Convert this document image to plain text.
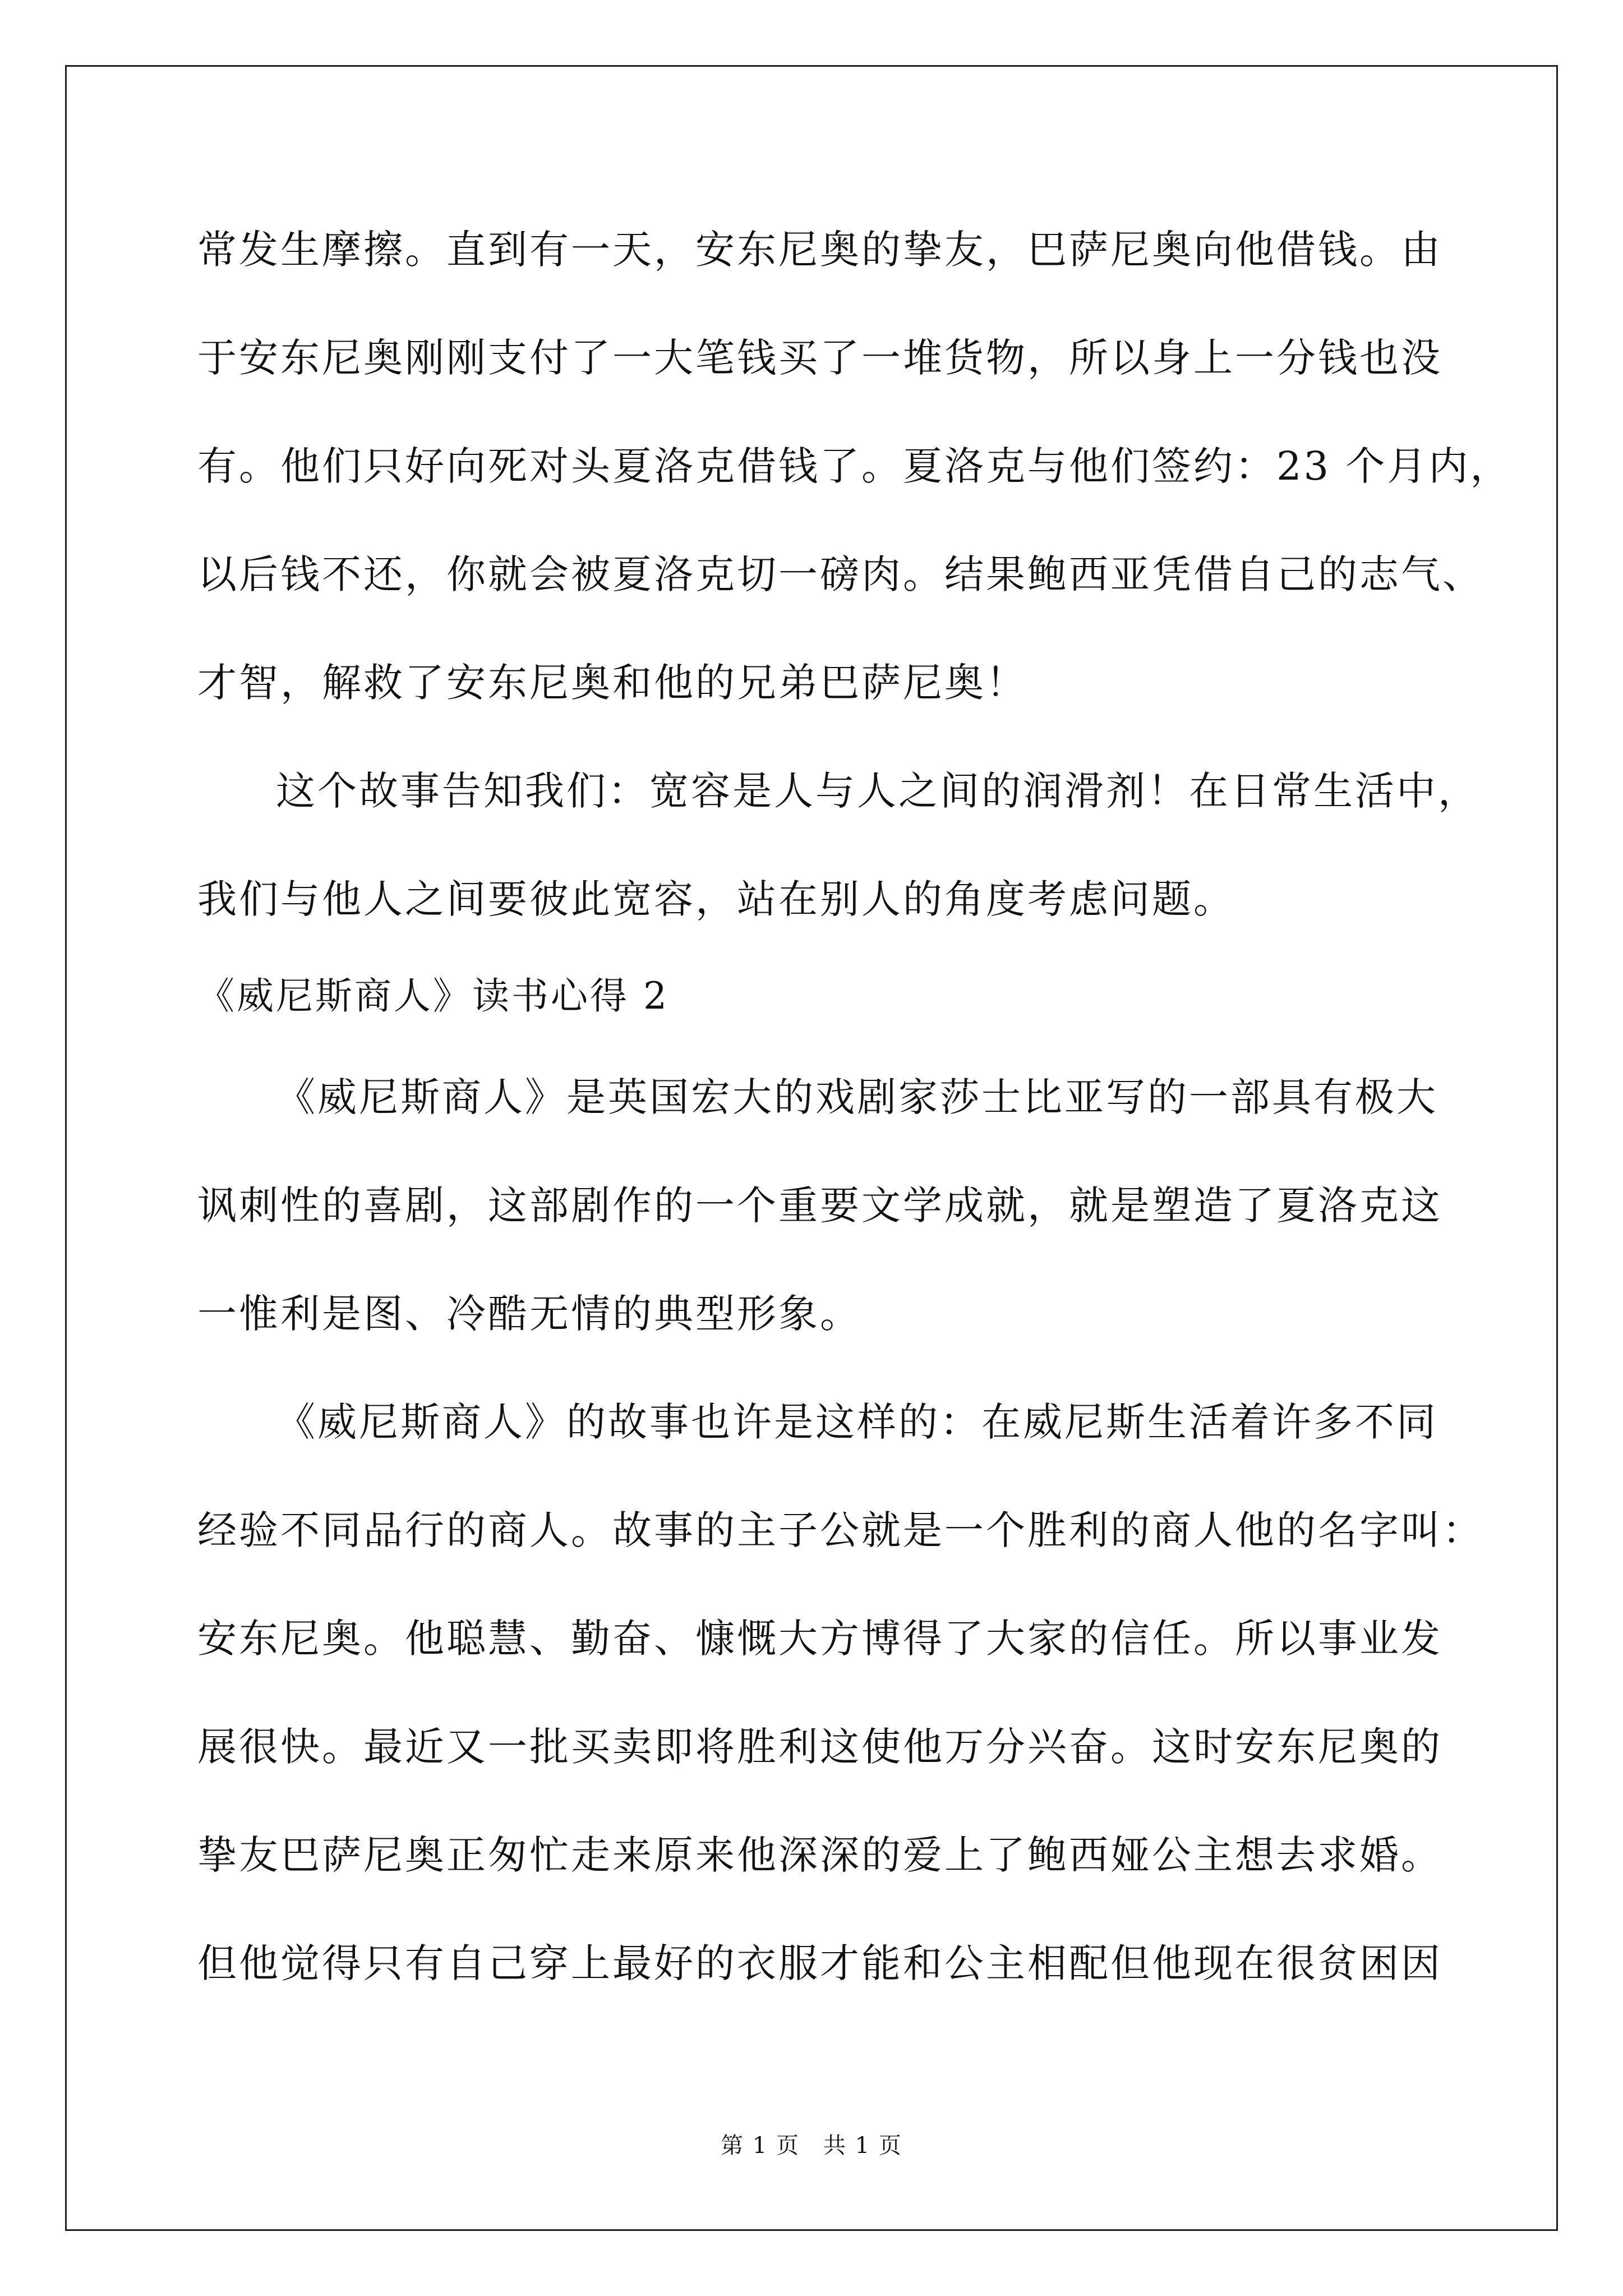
常发生摩擦。直到有一天，安东尼奥的挚友，巴萨尼奥向他借钱。由
于安东尼奥刚刚支付了一大笔钱买了一堆货物，所以身上一分钱也没
有。他们只好向死对头夏洛克借钱了。夏洛克与他们签约：23 个月内，
以后钱不还，你就会被夏洛克切一磅肉。结果鲍西亚凭借自己的志气、
才智，解救了安东尼奥和他的兄弟巴萨尼奥！
这个故事告知我们：宽容是人与人之间的润滑剂！在日常生活中，
我们与他人之间要彼此宽容，站在别人的角度考虑问题。
《威尼斯商人》读书心得 2
《威尼斯商人》是英国宏大的戏剧家莎士比亚写的一部具有极大
讽刺性的喜剧，这部剧作的一个重要文学成就，就是塑造了夏洛克这
一惟利是图、冷酷无情的典型形象。
《威尼斯商人》的故事也许是这样的：在威尼斯生活着许多不同
经验不同品行的商人。故事的主子公就是一个胜利的商人他的名字叫：
安东尼奥。他聪慧、勤奋、慷慨大方博得了大家的信任。所以事业发
展很快。最近又一批买卖即将胜利这使他万分兴奋。这时安东尼奥的
挚友巴萨尼奥正匆忙走来原来他深深的爱上了鲍西娅公主想去求婚。
但他觉得只有自己穿上最好的衣服才能和公主相配但他现在很贫困因
第 1 页　共 1 页
